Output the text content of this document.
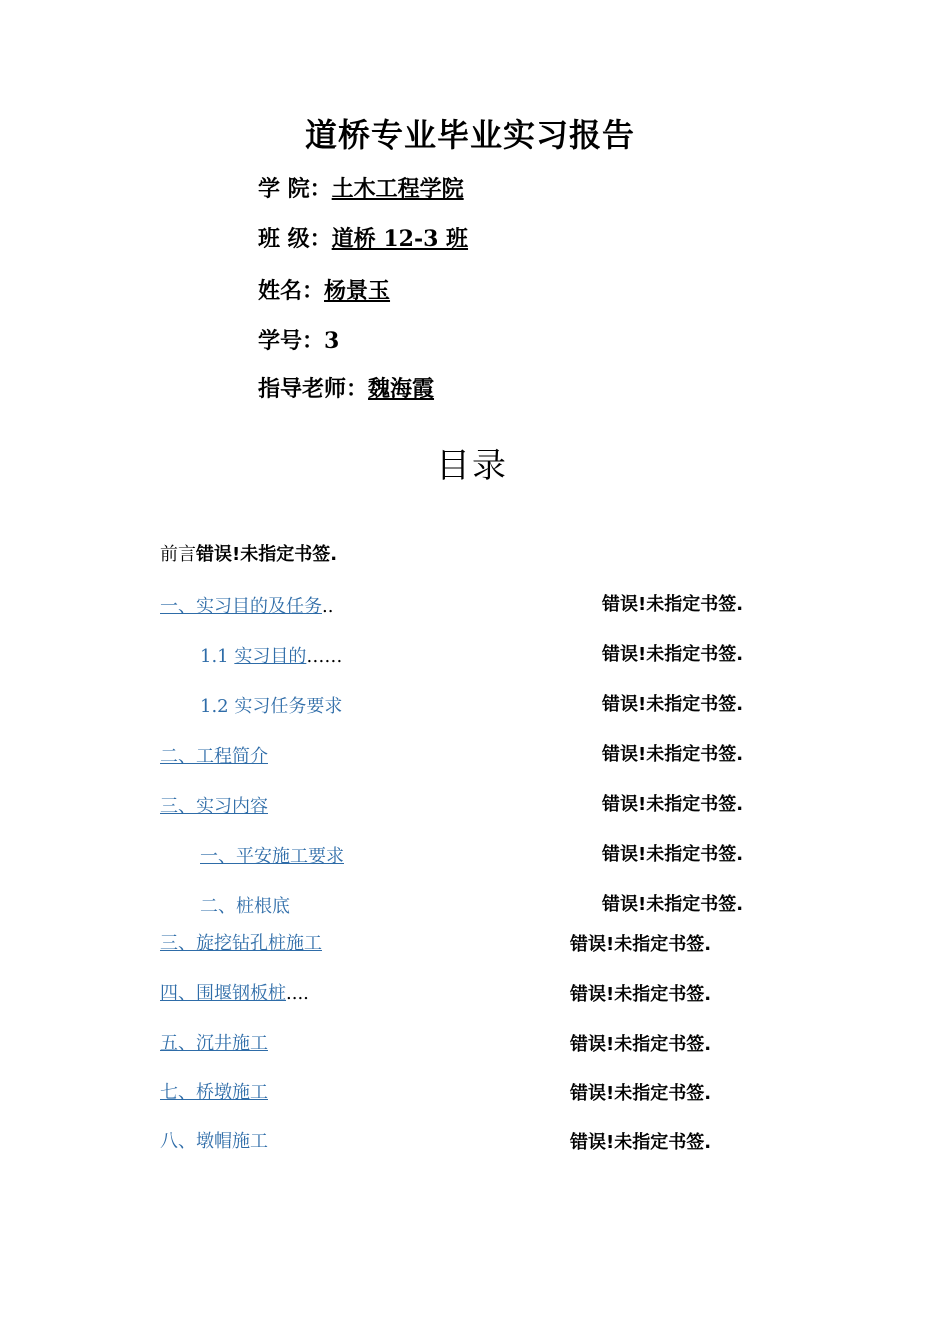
道桥专业毕业实习报告
学 院：土木工程学院
班 级：道桥 12-3 班
姓名：杨景玉
学号：3
指导老师：魏海霞
目录
前言错误!未指定书签.
一、实习目的及任务..	错误!未指定书签.
1.1 实习目的……	错误!未指定书签.
1.2 实习任务要求	错误!未指定书签.
二、工程简介	错误!未指定书签.
三、实习内容	错误!未指定书签.
一、平安施工要求	错误!未指定书签.
二、桩根底	错误!未指定书签.
三、旋挖钻孔桩施工	错误!未指定书签.
四、围堰钢板桩....	错误!未指定书签.
五、沉井施工	错误!未指定书签.
七、桥墩施工	错误!未指定书签.
八、墩帽施工	错误!未指定书签.
